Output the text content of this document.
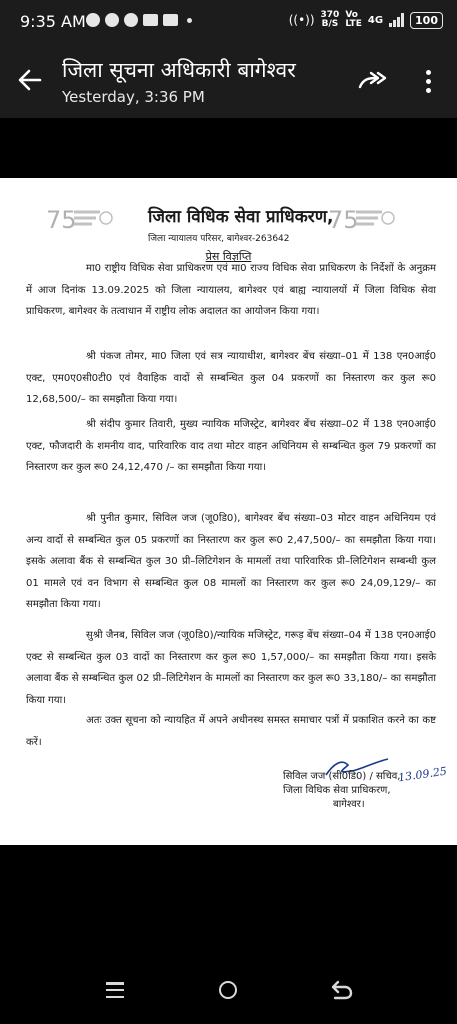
9:35 AM	((•)) 370
B/S
Vo
LTE 4G	100
जिला सूचना अधिकारी बागेश्वर
Yesterday, 3:36 PM
75	जिला विधिक सेवा प्राधिकरण,
जिला न्यायालय परिसर, बागेश्वर-263642
75
प्रेस विज्ञप्ति
मा0 राष्ट्रीय विधिक सेवा प्राधिकरण एवं मा0 राज्य विधिक सेवा प्राधिकरण के निर्देशों के अनुक्रम में आज दिनांक 13.09.2025 को जिला न्यायालय, बागेश्वर एवं बाह्य न्यायालयों में जिला विधिक सेवा प्राधिकरण, बागेश्वर के तत्वाधान में राष्ट्रीय लोक अदालत का आयोजन किया गया।
श्री पंकज तोमर, मा0 जिला एवं सत्र न्यायाधीश, बागेश्वर बेंच संख्या–01 में 138 एन0आई0 एक्ट, एम0ए0सी0टी0 एवं वैवाहिक वादों से सम्बन्धित कुल 04 प्रकरणों का निस्तारण कर कुल रू0 12,68,500/– का समझौता किया गया।
श्री संदीप कुमार तिवारी, मुख्य न्यायिक मजिस्ट्रेट, बागेश्वर बेंच संख्या–02 में 138 एन0आई0 एक्ट, फौजदारी के शमनीय वाद, पारिवारिक वाद तथा मोटर वाहन अधिनियम से सम्बन्धित कुल 79 प्रकरणों का निस्तारण कर कुल रू0 24,12,470 /– का समझौता किया गया।
श्री पुनीत कुमार, सिविल जज (जू0डि0), बागेश्वर बेंच संख्या–03 मोटर वाहन अधिनियम एवं अन्य वादों से सम्बन्धित कुल 05 प्रकरणों का निस्तारण कर कुल रू0 2,47,500/– का समझौता किया गया। इसके अलावा बैंक से सम्बन्धित कुल 30 प्री–लिटिगेशन के मामलों तथा पारिवारिक प्री–लिटिगेशन सम्बन्धी कुल 01 मामले एवं वन विभाग से सम्बन्धित कुल 08 मामलों का निस्तारण कर कुल रू0 24,09,129/– का समझौता किया गया।
सुश्री जैनब, सिविल जज (जू0डि0)/न्यायिक मजिस्ट्रेट, गरूड़ बेंच संख्या–04 में 138 एन0आई0 एक्ट से सम्बन्धित कुल 03 वादों का निस्तारण कर कुल रू0 1,57,000/– का समझौता किया गया। इसके अलावा बैंक से सम्बन्धित कुल 02 प्री–लिटिगेशन के मामलों का निस्तारण कर कुल रू0 33,180/– का समझौता किया गया।
अतः उक्त सूचना को न्यायहित में अपने अधीनस्थ समस्त समाचार पत्रों में प्रकाशित करने का कष्ट करें।
13.09.25
सिविल जज (सी0डि0) / सचिव,
जिला विधिक सेवा प्राधिकरण,
बागेश्वर।
